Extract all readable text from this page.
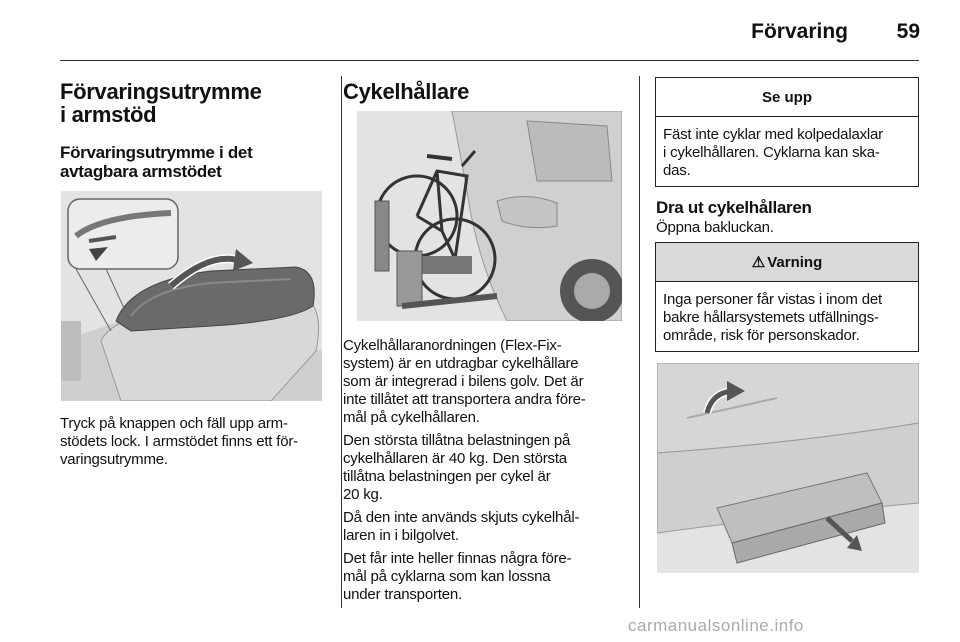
Förvaring 59
Förvaringsutrymme
i armstöd
Förvaringsutrymme i det
avtagbara armstödet

Tryck på knappen och fäll upp arm-
stödets lock. I armstödet finns ett för-
varingsutrymme.

Cykelhållare

Cykelhållaranordningen (Flex-Fix-
system) är en utdragbar cykelhållare
som är integrerad i bilens golv. Det är
inte tillåtet att transportera andra före-
mål på cykelhållaren.

Den största tillåtna belastningen på
cykelhållaren är 40 kg. Den största
tillåtna belastningen per cykel är
20 kg.

Då den inte används skjuts cykelhål-
laren in i bilgolvet.

Det får inte heller finnas några före-
mål på cyklarna som kan lossna
under transporten.

Se upp
Fäst inte cyklar med kolpedalaxlar
i cykelhållaren. Cyklarna kan ska-
das.
Dra ut cykelhållaren

Öppna bakluckan.

⚠ Varning
Inga personer får vistas i inom det
bakre hållarsystemets utfällnings-
område, risk för personskador.
carmanualsonline.info
